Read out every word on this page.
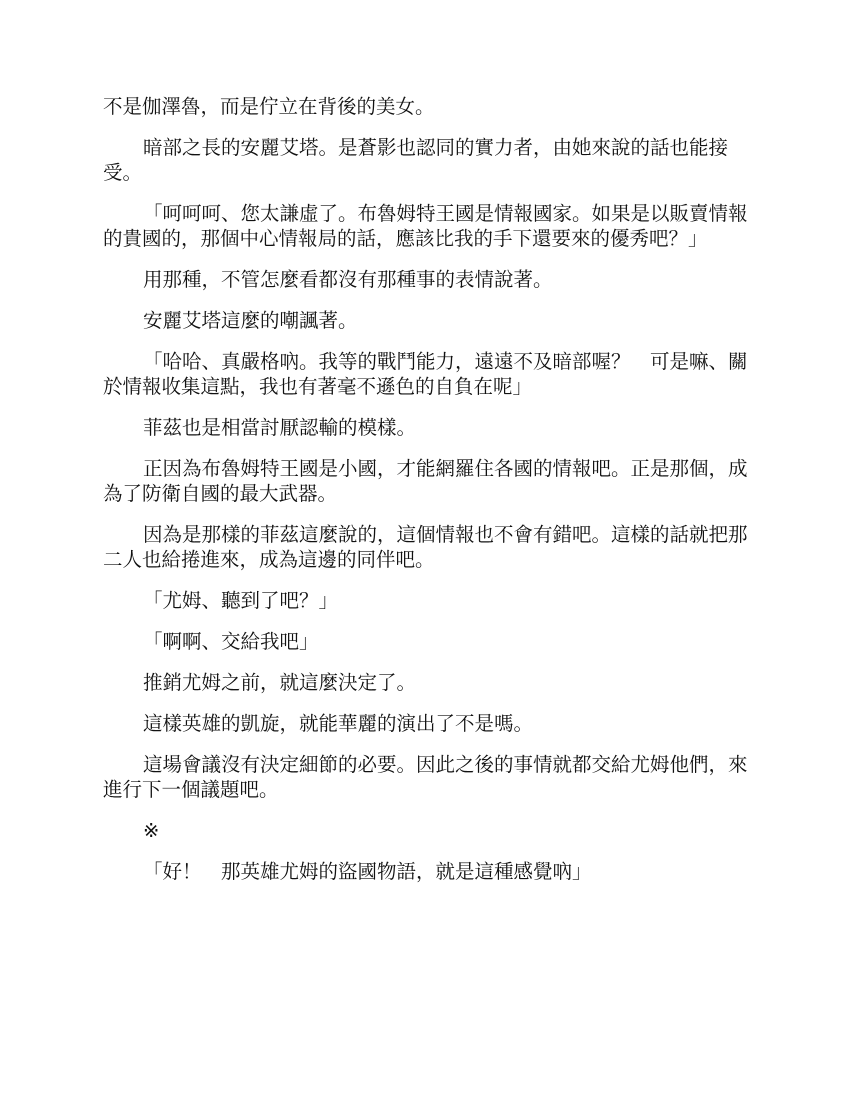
不是伽澤魯，而是佇立在背後的美女。

暗部之長的安麗艾塔。是蒼影也認同的實力者，由她來說的話也能接受。

「呵呵呵、您太謙虛了。布魯姆特王國是情報國家。如果是以販賣情報的貴國的，那個中心情報局的話，應該比我的手下還要來的優秀吧？」

用那種，不管怎麼看都沒有那種事的表情說著。

安麗艾塔這麼的嘲諷著。

「哈哈、真嚴格吶。我等的戰鬥能力，遠遠不及暗部喔？　可是嘛、關於情報收集這點，我也有著毫不遜色的自負在呢」

菲茲也是相當討厭認輸的模樣。

正因為布魯姆特王國是小國，才能網羅住各國的情報吧。正是那個，成為了防衛自國的最大武器。

因為是那樣的菲茲這麼說的，這個情報也不會有錯吧。這樣的話就把那二人也給捲進來，成為這邊的同伴吧。

「尤姆、聽到了吧？」

「啊啊、交給我吧」

推銷尤姆之前，就這麼決定了。

這樣英雄的凱旋，就能華麗的演出了不是嗎。

這場會議沒有決定細節的必要。因此之後的事情就都交給尤姆他們，來進行下一個議題吧。

※

「好！　那英雄尤姆的盜國物語，就是這種感覺吶」
